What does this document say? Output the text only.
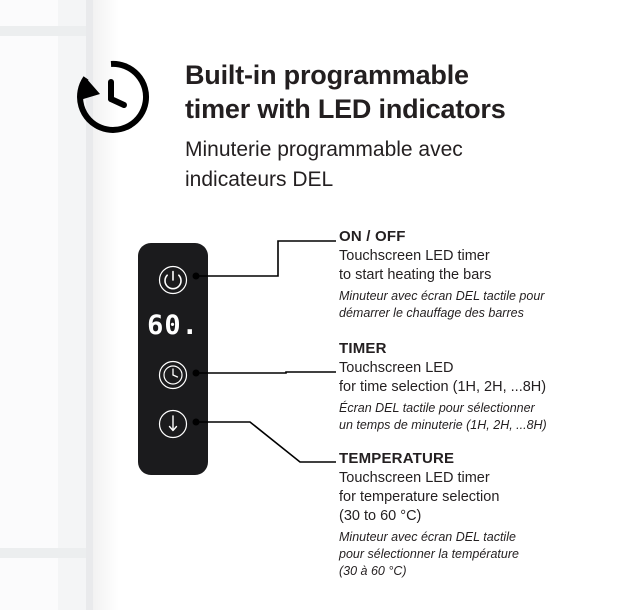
Built-in programmable
timer with LED indicators
Minuterie programmable avec
indicateurs DEL
60.
ON / OFF
Touchscreen LED timer
to start heating the bars
Minuteur avec écran DEL tactile pour
démarrer le chauffage des barres
TIMER
Touchscreen LED
for time selection (1H, 2H, ...8H)
Écran DEL tactile pour sélectionner
un temps de minuterie (1H, 2H, ...8H)
TEMPERATURE
Touchscreen LED timer
for temperature selection
(30 to 60 °C)
Minuteur avec écran DEL tactile
pour sélectionner la température
(30 à 60 °C)
